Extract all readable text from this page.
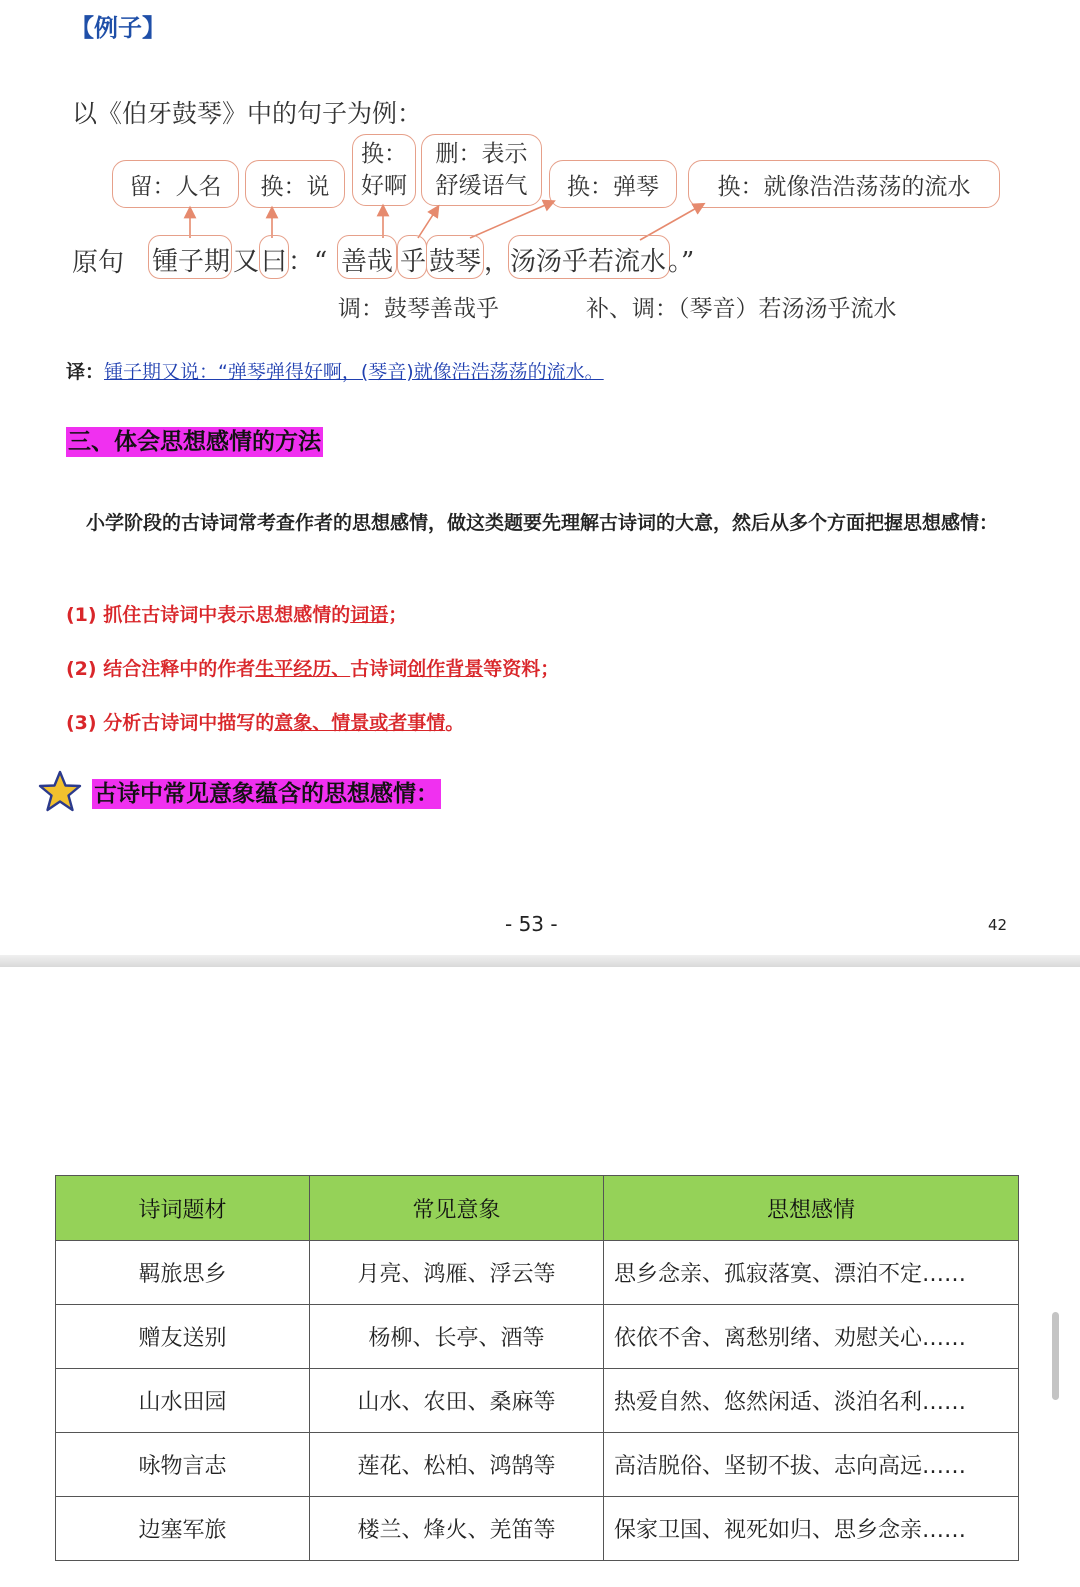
【例子】
以《伯牙鼓琴》中的句子为例：
留：人名 换：说
换：
好啊
删：表示
舒缓语气 换：弹琴	换：就像浩浩荡荡的流水
原句 锺子期 又 曰 ：“ 善哉 乎 鼓琴 ， 汤汤乎若流水 。”
调：鼓琴善哉乎	补、调：（琴音）若汤汤乎流水
译：锺子期又说：“弹琴弹得好啊，(琴音)就像浩浩荡荡的流水。
三、体会思想感情的方法
小学阶段的古诗词常考查作者的思想感情，做这类题要先理解古诗词的大意，然后从多个方面把握思想感情：
(1) 抓住古诗词中表示思想感情的词语；
(2) 结合注释中的作者生平经历、古诗词创作背景等资料；
(3) 分析古诗词中描写的意象、情景或者事情。
古诗中常见意象蕴含的思想感情：
- 53 -	42
诗词题材	常见意象	思想感情
羁旅思乡	月亮、鸿雁、浮云等	思乡念亲、孤寂落寞、漂泊不定……
赠友送别	杨柳、长亭、酒等	依依不舍、离愁别绪、劝慰关心……
山水田园	山水、农田、桑麻等	热爱自然、悠然闲适、淡泊名利……
咏物言志	莲花、松柏、鸿鹄等	高洁脱俗、坚韧不拔、志向高远……
边塞军旅	楼兰、烽火、羌笛等	保家卫国、视死如归、思乡念亲……
